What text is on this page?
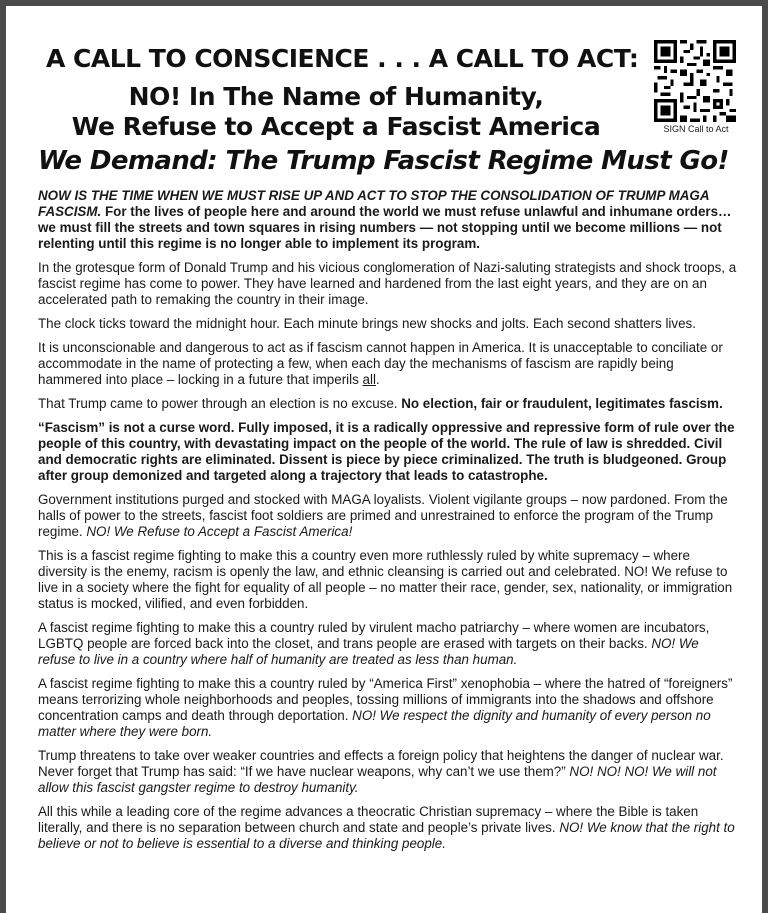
A CALL TO CONSCIENCE . . . A CALL TO ACT:
NO! In The Name of Humanity,
We Refuse to Accept a Fascist America	SIGN Call to Act
We Demand: The Trump Fascist Regime Must Go!

NOW IS THE TIME WHEN WE MUST RISE UP AND ACT TO STOP THE CONSOLIDATION OF TRUMP MAGA FASCISM. For the lives of people here and around the world we must refuse unlawful and inhumane orders… we must fill the streets and town squares in rising numbers — not stopping until we become millions — not relenting until this regime is no longer able to implement its program.

In the grotesque form of Donald Trump and his vicious conglomeration of Nazi-saluting strategists and shock troops, a fascist regime has come to power. They have learned and hardened from the last eight years, and they are on an accelerated path to remaking the country in their image.

The clock ticks toward the midnight hour. Each minute brings new shocks and jolts. Each second shatters lives.

It is unconscionable and dangerous to act as if fascism cannot happen in America. It is unacceptable to conciliate or accommodate in the name of protecting a few, when each day the mechanisms of fascism are rapidly being hammered into place – locking in a future that imperils all.

That Trump came to power through an election is no excuse. No election, fair or fraudulent, legitimates fascism.

“Fascism” is not a curse word. Fully imposed, it is a radically oppressive and repressive form of rule over the people of this country, with devastating impact on the people of the world. The rule of law is shredded. Civil and democratic rights are eliminated. Dissent is piece by piece criminalized. The truth is bludgeoned. Group after group demonized and targeted along a trajectory that leads to catastrophe.

Government institutions purged and stocked with MAGA loyalists. Violent vigilante groups – now pardoned. From the halls of power to the streets, fascist foot soldiers are primed and unrestrained to enforce the program of the Trump regime. NO! We Refuse to Accept a Fascist America!

This is a fascist regime fighting to make this a country even more ruthlessly ruled by white supremacy – where diversity is the enemy, racism is openly the law, and ethnic cleansing is carried out and celebrated. NO! We refuse to live in a society where the fight for equality of all people – no matter their race, gender, sex, nationality, or immigration status is mocked, vilified, and even forbidden.

A fascist regime fighting to make this a country ruled by virulent macho patriarchy – where women are incubators, LGBTQ people are forced back into the closet, and trans people are erased with targets on their backs. NO! We refuse to live in a country where half of humanity are treated as less than human.

A fascist regime fighting to make this a country ruled by “America First” xenophobia – where the hatred of “foreigners” means terrorizing whole neighborhoods and peoples, tossing millions of immigrants into the shadows and offshore concentration camps and death through deportation. NO! We respect the dignity and humanity of every person no matter where they were born.

Trump threatens to take over weaker countries and effects a foreign policy that heightens the danger of nuclear war. Never forget that Trump has said: “If we have nuclear weapons, why can’t we use them?” NO! NO! NO! We will not allow this fascist gangster regime to destroy humanity.

All this while a leading core of the regime advances a theocratic Christian supremacy – where the Bible is taken literally, and there is no separation between church and state and people’s private lives. NO! We know that the right to believe or not to believe is essential to a diverse and thinking people.
